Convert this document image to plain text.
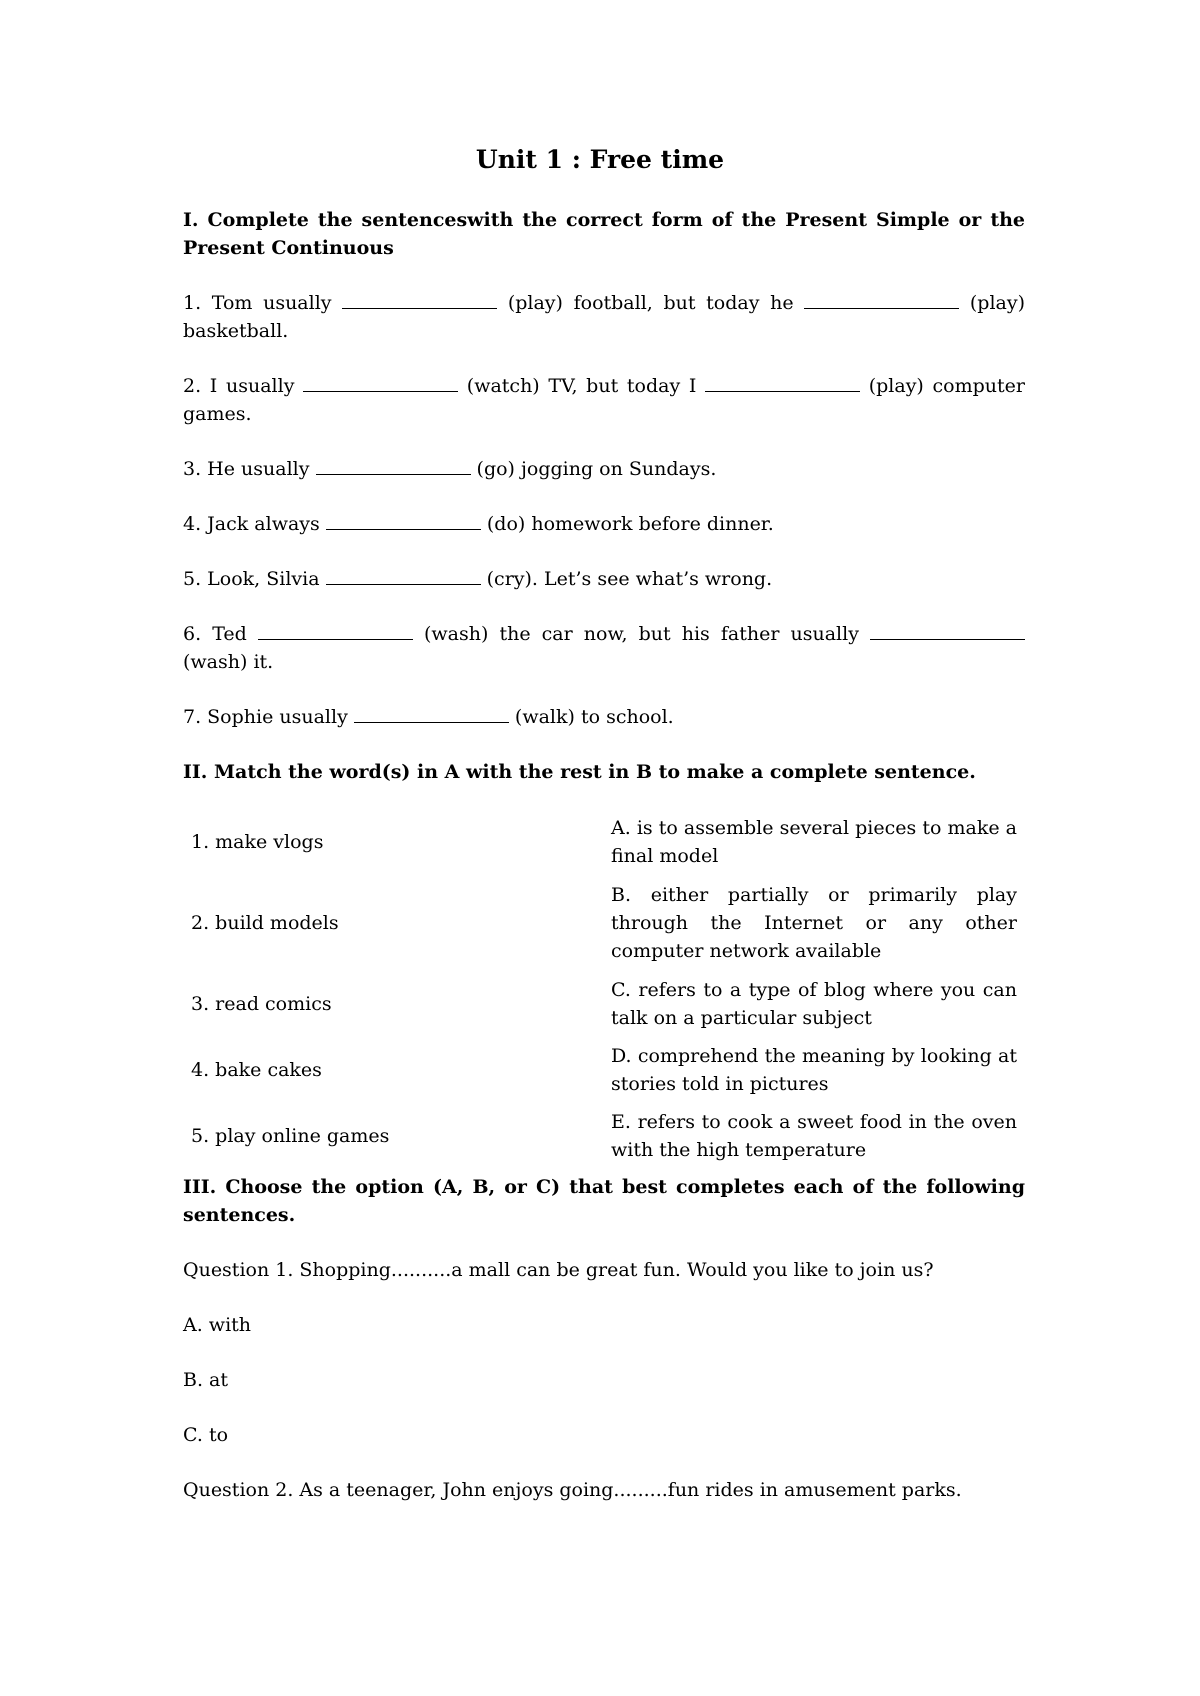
Unit 1 : Free time

I. Complete the sentenceswith the correct form of the Present Simple or the Present Continuous

1. Tom usually	(play) football, but today he	(play) basketball.

2. I usually	(watch) TV, but today I	(play) computer games.

3. He usually	(go) jogging on Sundays.

4. Jack always	(do) homework before dinner.

5. Look, Silvia	(cry). Let’s see what’s wrong.

6. Ted	(wash) the car now, but his father usually  (wash) it.

7. Sophie usually	(walk) to school.

II. Match the word(s) in A with the rest in B to make a complete sentence.

1. make vlogs	A. is to assemble several pieces to make a final model
2. build models	B. either partially or primarily play through the Internet or any other computer network available
3. read comics	C. refers to a type of blog where you can talk on a particular subject
4. bake cakes	D. comprehend the meaning by looking at stories told in pictures
5. play online games	E. refers to cook a sweet food in the oven with the high temperature

III. Choose the option (A, B, or C) that best completes each of the following sentences.

Question 1. Shopping..........a mall can be great fun. Would you like to join us?

A. with

B. at

C. to

Question 2. As a teenager, John enjoys going.........fun rides in amusement parks.
